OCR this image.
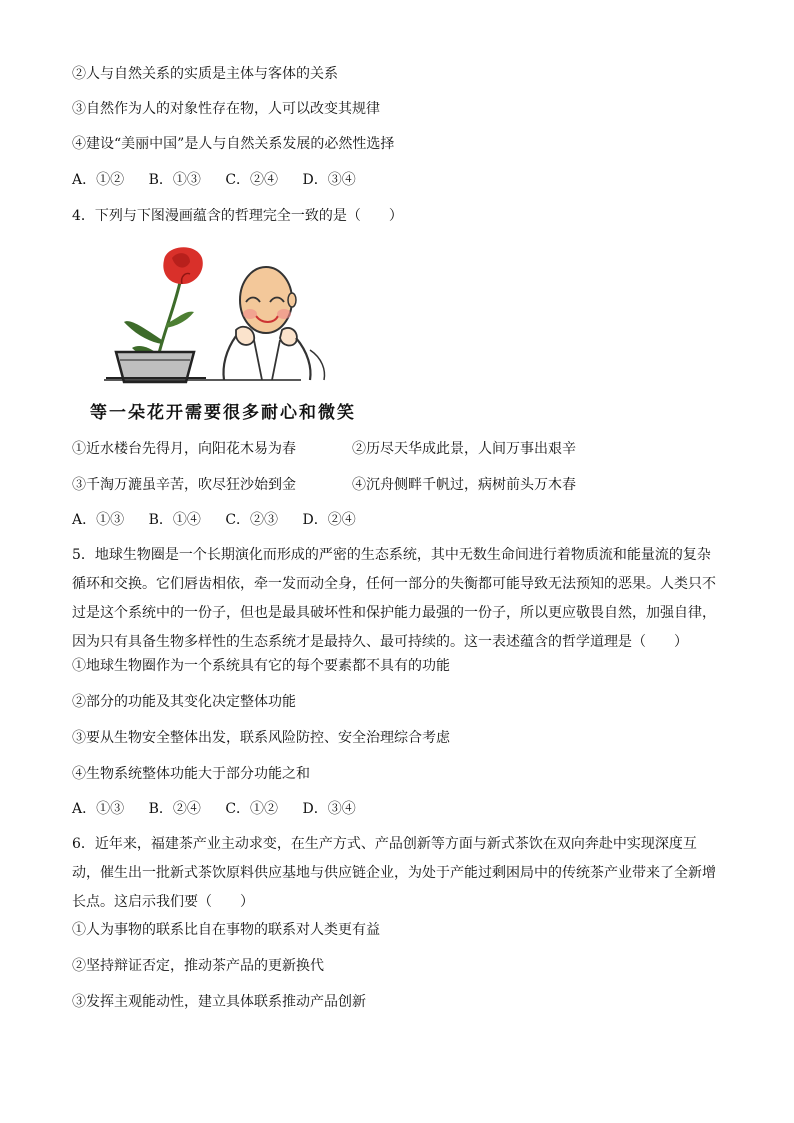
②人与自然关系的实质是主体与客体的关系
③自然作为人的对象性存在物，人可以改变其规律
④建设“美丽中国”是人与自然关系发展的必然性选择
A．①② B．①③ C．②④ D．③④
4．下列与下图漫画蕴含的哲理完全一致的是（　　）
等一朵花开需要很多耐心和微笑
①近水楼台先得月，向阳花木易为春	②历尽天华成此景，人间万事出艰辛
③千淘万漉虽辛苦，吹尽狂沙始到金	④沉舟侧畔千帆过，病树前头万木春
A．①③ B．①④ C．②③ D．②④
5．地球生物圈是一个长期演化而形成的严密的生态系统，其中无数生命间进行着物质流和能量流的复杂
循环和交换。它们唇齿相依，牵一发而动全身，任何一部分的失衡都可能导致无法预知的恶果。人类只不
过是这个系统中的一份子，但也是最具破坏性和保护能力最强的一份子，所以更应敬畏自然，加强自律，
因为只有具备生物多样性的生态系统才是最持久、最可持续的。这一表述蕴含的哲学道理是（　　）
①地球生物圈作为一个系统具有它的每个要素都不具有的功能
②部分的功能及其变化决定整体功能
③要从生物安全整体出发，联系风险防控、安全治理综合考虑
④生物系统整体功能大于部分功能之和
A．①③ B．②④ C．①② D．③④
6．近年来，福建茶产业主动求变，在生产方式、产品创新等方面与新式茶饮在双向奔赴中实现深度互
动，催生出一批新式茶饮原料供应基地与供应链企业，为处于产能过剩困局中的传统茶产业带来了全新增
长点。这启示我们要（　　）
①人为事物的联系比自在事物的联系对人类更有益
②坚持辩证否定，推动茶产品的更新换代
③发挥主观能动性，建立具体联系推动产品创新
